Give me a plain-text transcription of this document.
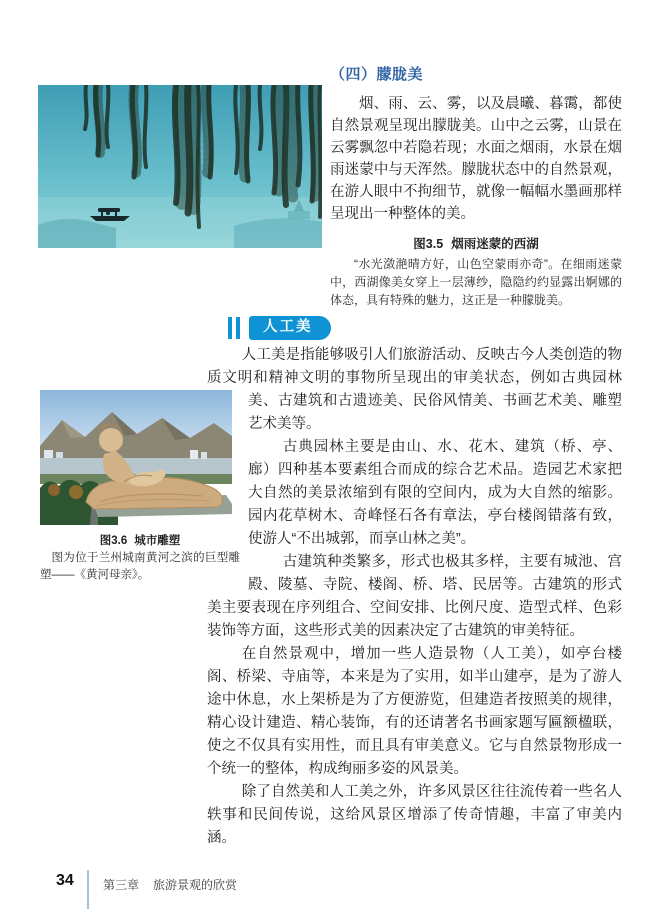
（四）朦胧美

烟、雨、云、雾，以及晨曦、暮霭，都使自然景观呈现出朦胧美。山中之云雾，山景在云雾飘忽中若隐若现；水面之烟雨，水景在烟雨迷蒙中与天浑然。朦胧状态中的自然景观，在游人眼中不拘细节，就像一幅幅水墨画那样呈现出一种整体的美。

图3.5 烟雨迷蒙的西湖

“水光潋滟晴方好，山色空蒙雨亦奇”。在细雨迷蒙中，西湖像美女穿上一层薄纱，隐隐约约显露出婀娜的体态，具有特殊的魅力，这正是一种朦胧美。

人工美
图3.6 城市雕塑
图为位于兰州城南黄河之滨的巨型雕塑——《黄河母亲》。

人工美是指能够吸引人们旅游活动、反映古今人类创造的物质文明和精神文明的事物所呈现出的审美状态，例如古典园林美、古建筑和古遗迹美、民俗风情美、书画艺术美、雕塑艺术美等。

古典园林主要是由山、水、花木、建筑（桥、亭、廊）四种基本要素组合而成的综合艺术品。造园艺术家把大自然的美景浓缩到有限的空间内，成为大自然的缩影。园内花草树木、奇峰怪石各有章法，亭台楼阁错落有致，使游人“不出城郭，而享山林之美”。

古建筑种类繁多，形式也极其多样，主要有城池、宫殿、陵墓、寺院、楼阁、桥、塔、民居等。古建筑的形式美主要表现在序列组合、空间安排、比例尺度、造型式样、色彩装饰等方面，这些形式美的因素决定了古建筑的审美特征。

在自然景观中，增加一些人造景物（人工美），如亭台楼阁、桥梁、寺庙等，本来是为了实用，如半山建亭，是为了游人途中休息，水上架桥是为了方便游览，但建造者按照美的规律，精心设计建造、精心装饰，有的还请著名书画家题写匾额楹联，使之不仅具有实用性，而且具有审美意义。它与自然景物形成一个统一的整体，构成绚丽多姿的风景美。

除了自然美和人工美之外，许多风景区往往流传着一些名人轶事和民间传说，这给风景区增添了传奇情趣，丰富了审美内涵。

34 第三章 旅游景观的欣赏
